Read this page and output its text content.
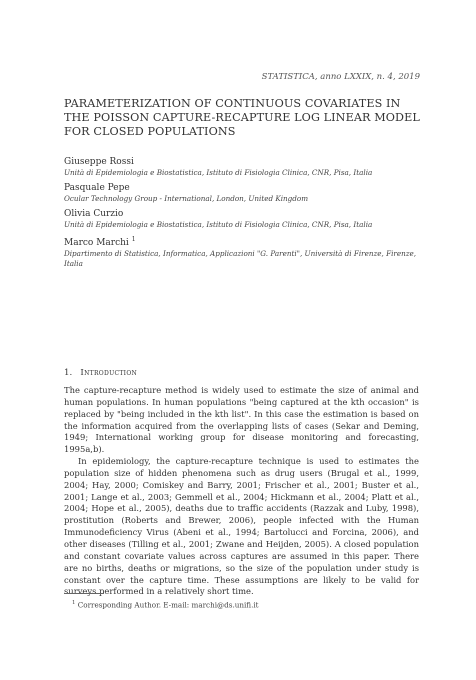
STATISTICA, anno LXXIX, n. 4, 2019
PARAMETERIZATION OF CONTINUOUS COVARIATES IN THE POISSON CAPTURE-RECAPTURE LOG LINEAR MODEL FOR CLOSED POPULATIONS
Giuseppe Rossi
Unità di Epidemiologia e Biostatistica, Istituto di Fisiologia Clinica, CNR, Pisa, Italia
Pasquale Pepe
Ocular Technology Group - International, London, United Kingdom
Olivia Curzio
Unità di Epidemiologia e Biostatistica, Istituto di Fisiologia Clinica, CNR, Pisa, Italia
Marco Marchi $^1$
Dipartimento di Statistica, Informatica, Applicazioni "G. Parenti", Università di Firenze, Firenze, Italia
1. Introduction

The capture-recapture method is widely used to estimate the size of animal and human populations. In human populations "being captured at the kth occasion" is replaced by "being included in the kth list". In this case the estimation is based on the information acquired from the overlapping lists of cases (Sekar and Deming, 1949; International working group for disease monitoring and forecasting, 1995a,b).

In epidemiology, the capture-recapture technique is used to estimates the population size of hidden phenomena such as drug users (Brugal et al., 1999, 2004; Hay, 2000; Comiskey and Barry, 2001; Frischer et al., 2001; Buster et al., 2001; Lange et al., 2003; Gemmell et al., 2004; Hickmann et al., 2004; Platt et al., 2004; Hope et al., 2005), deaths due to traffic accidents (Razzak and Luby, 1998), prostitution (Roberts and Brewer, 2006), people infected with the Human Immunodeficiency Virus (Abeni et al., 1994; Bartolucci and Forcina, 2006), and other diseases (Tilling et al., 2001; Zwane and Heijden, 2005). A closed population and constant covariate values across captures are assumed in this paper. There are no births, deaths or migrations, so the size of the population under study is constant over the capture time. These assumptions are likely to be valid for surveys performed in a relatively short time.

$^1$ Corresponding Author. E-mail: marchi@ds.unifi.it
